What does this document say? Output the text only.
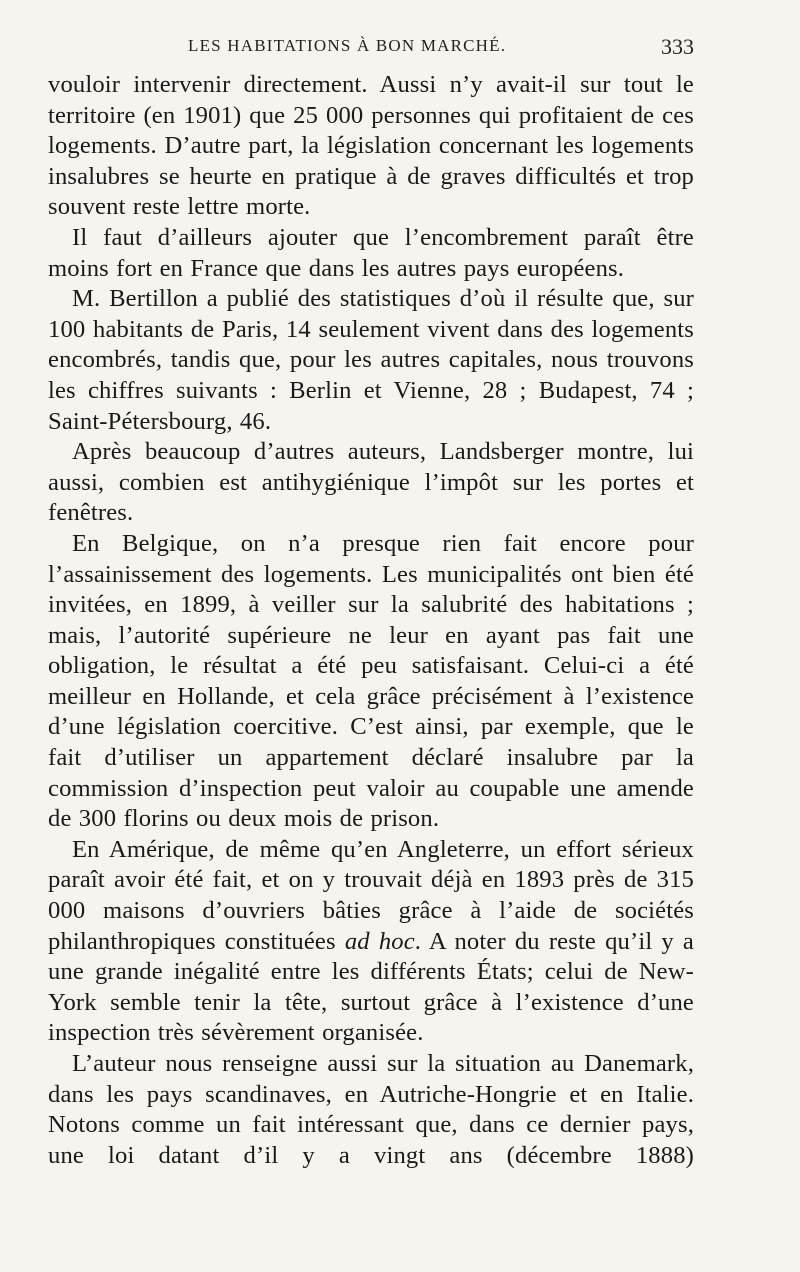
LES HABITATIONS À BON MARCHÉ.	333

vouloir intervenir directement. Aussi n’y avait-il sur tout le territoire (en 1901) que 25 000 personnes qui profitaient de ces logements. D’autre part, la législation concernant les logements insalubres se heurte en pratique à de graves difficultés et trop souvent reste lettre morte.

Il faut d’ailleurs ajouter que l’encombrement paraît être moins fort en France que dans les autres pays européens.

M. Bertillon a publié des statistiques d’où il résulte que, sur 100 habitants de Paris, 14 seulement vivent dans des logements encombrés, tandis que, pour les autres capitales, nous trouvons les chiffres suivants : Berlin et Vienne, 28 ; Budapest, 74 ; Saint-Pétersbourg, 46.

Après beaucoup d’autres auteurs, Landsberger montre, lui aussi, combien est antihygiénique l’impôt sur les portes et fenêtres.

En Belgique, on n’a presque rien fait encore pour l’assainissement des logements. Les municipalités ont bien été invitées, en 1899, à veiller sur la salubrité des habitations ; mais, l’autorité supérieure ne leur en ayant pas fait une obligation, le résultat a été peu satisfaisant. Celui-ci a été meilleur en Hollande, et cela grâce précisément à l’existence d’une législation coercitive. C’est ainsi, par exemple, que le fait d’utiliser un appartement déclaré insalubre par la commission d’inspection peut valoir au coupable une amende de 300 florins ou deux mois de prison.

En Amérique, de même qu’en Angleterre, un effort sérieux paraît avoir été fait, et on y trouvait déjà en 1893 près de 315 000 maisons d’ouvriers bâties grâce à l’aide de sociétés philanthropiques constituées ad hoc. A noter du reste qu’il y a une grande inégalité entre les différents États; celui de New-York semble tenir la tête, surtout grâce à l’existence d’une inspection très sévèrement organisée.

L’auteur nous renseigne aussi sur la situation au Danemark, dans les pays scandinaves, en Autriche-Hongrie et en Italie. Notons comme un fait intéressant que, dans ce dernier pays, une loi datant d’il y a vingt ans (décembre 1888)
